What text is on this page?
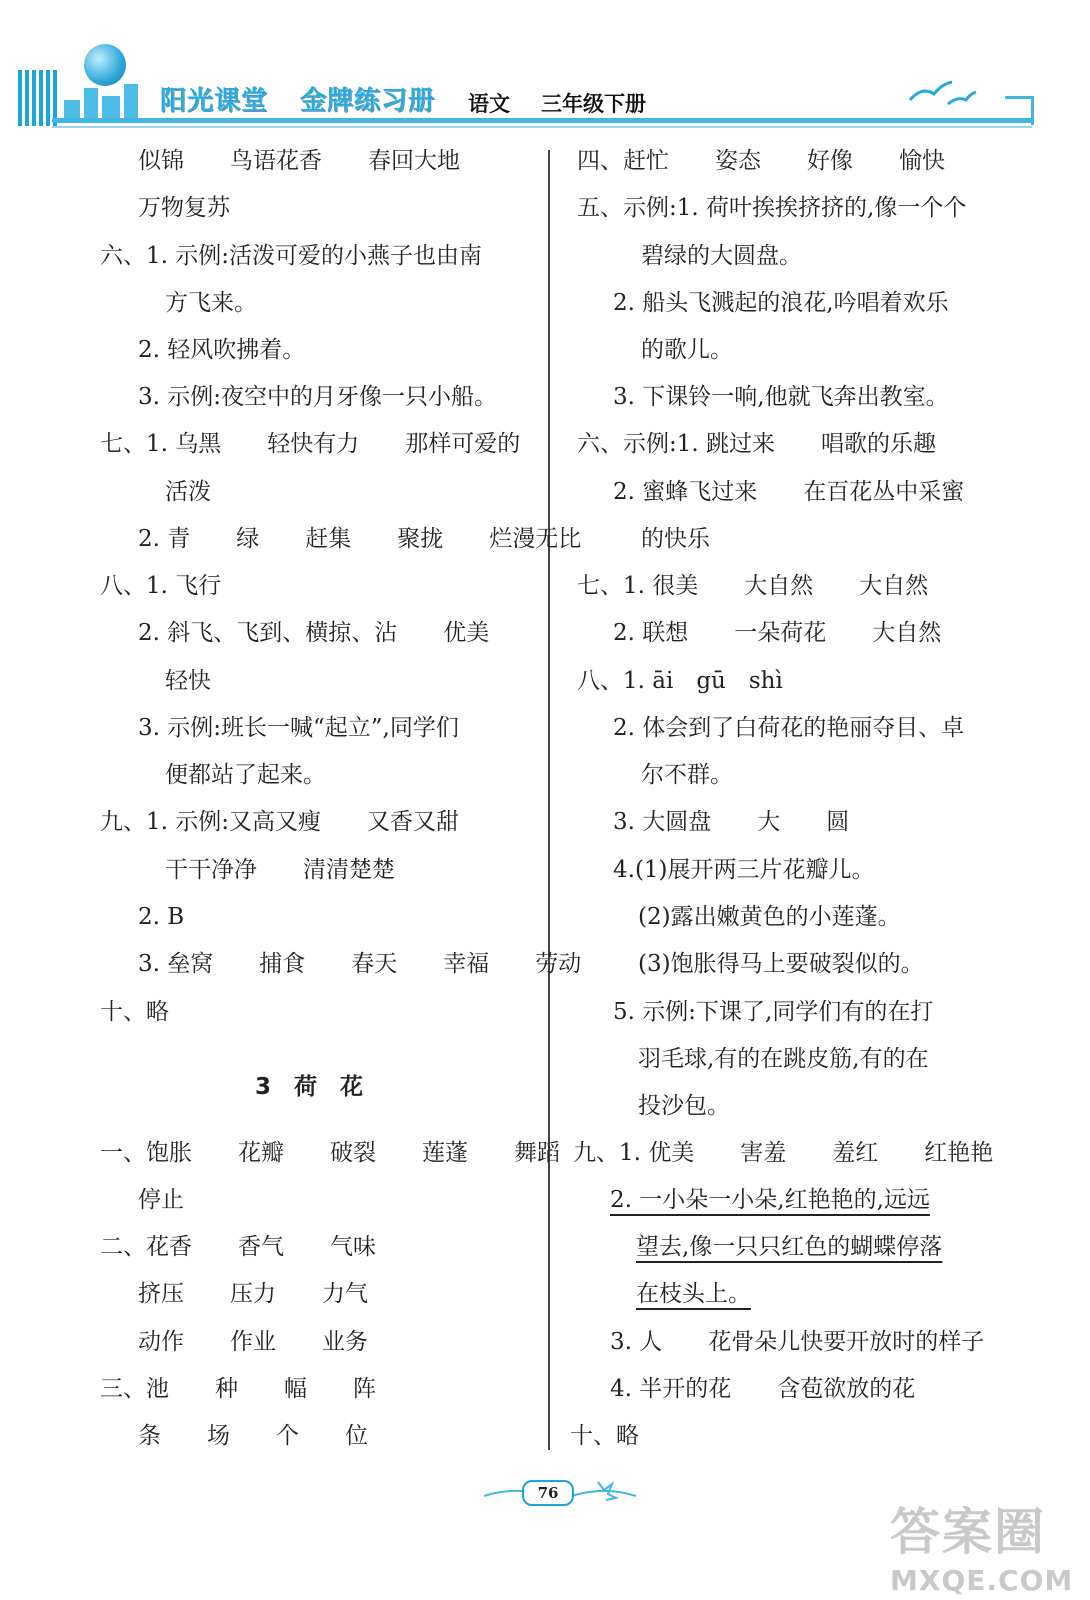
阳光课堂 金牌练习册 语文 三年级下册
似锦　　鸟语花香　　春回大地
万物复苏
六、1. 示例:活泼可爱的小燕子也由南
方飞来。
2. 轻风吹拂着。
3. 示例:夜空中的月牙像一只小船。
七、1. 乌黑　　轻快有力　　那样可爱的
活泼
2. 青　　绿　　赶集　　聚拢　　烂漫无比
八、1. 飞行
2. 斜飞、飞到、横掠、沾　　优美
轻快
3. 示例:班长一喊“起立”,同学们
便都站了起来。
九、1. 示例:又高又瘦　　又香又甜
干干净净　　清清楚楚
2. B
3. 垒窝　　捕食　　春天　　幸福　　劳动
十、略
3　荷　花
一、饱胀　　花瓣　　破裂　　莲蓬　　舞蹈
停止
二、花香　　香气　　气味
挤压　　压力　　力气
动作　　作业　　业务
三、池　　种　　幅　　阵
条　　场　　个　　位
四、赶忙　　姿态　　好像　　愉快
五、示例:1. 荷叶挨挨挤挤的,像一个个
碧绿的大圆盘。
2. 船头飞溅起的浪花,吟唱着欢乐
的歌儿。
3. 下课铃一响,他就飞奔出教室。
六、示例:1. 跳过来　　唱歌的乐趣
2. 蜜蜂飞过来　　在百花丛中采蜜
的快乐
七、1. 很美　　大自然　　大自然
2. 联想　　一朵荷花　　大自然
八、1. āi　gū　shì
2. 体会到了白荷花的艳丽夺目、卓
尔不群。
3. 大圆盘　　大　　圆
4.(1)展开两三片花瓣儿。
(2)露出嫩黄色的小莲蓬。
(3)饱胀得马上要破裂似的。
5. 示例:下课了,同学们有的在打
羽毛球,有的在跳皮筋,有的在
投沙包。
九、1. 优美　　害羞　　羞红　　红艳艳
2. 一小朵一小朵,红艳艳的,远远
望去,像一只只红色的蝴蝶停落
在枝头上。
3. 人　　花骨朵儿快要开放时的样子
4. 半开的花　　含苞欲放的花
十、略
76
答案圈
MXQE.COM
